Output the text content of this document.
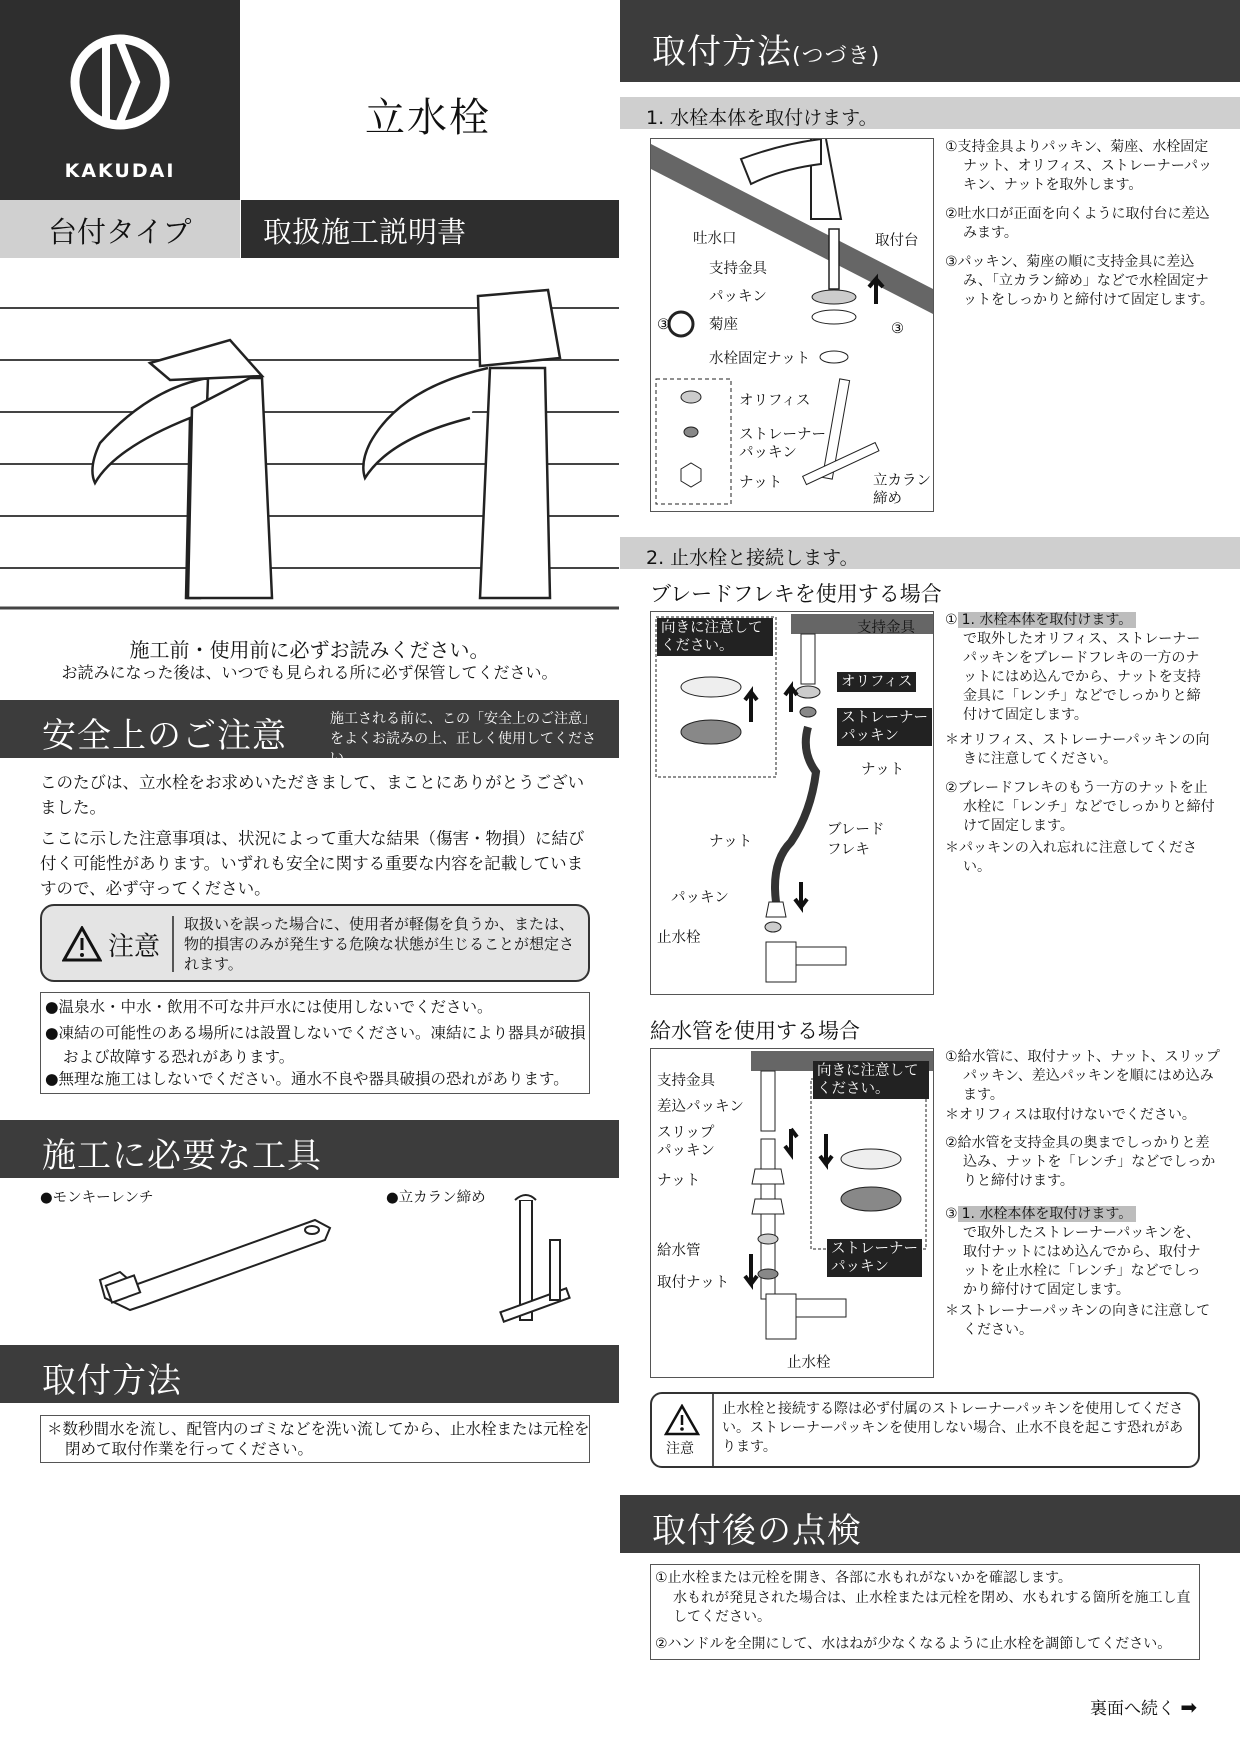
KAKUDAI
立水栓
台付タイプ 取扱施工説明書
施工前・使用前に必ずお読みください。
お読みになった後は、いつでも見られる所に必ず保管してください。
安全上のご注意	施工される前に、この「安全上のご注意」
をよくお読みの上、正しく使用してください。
このたびは、立水栓をお求めいただきまして、まことにありがとうございました。
ここに示した注意事項は、状況によって重大な結果（傷害・物損）に結び付く可能性があります。いずれも安全に関する重要な内容を記載していますので、必ず守ってください。
注意
取扱いを誤った場合に、使用者が軽傷を負うか、または、物的損害のみが発生する危険な状態が生じることが想定されます。
●温泉水・中水・飲用不可な井戸水には使用しないでください。
●凍結の可能性のある場所には設置しないでください。凍結により器具が破損および故障する恐れがあります。
●無理な施工はしないでください。通水不良や器具破損の恐れがあります。
施工に必要な工具
●モンキーレンチ	●立カラン締め
取付方法
＊数秒間水を流し、配管内のゴミなどを洗い流してから、止水栓または元栓を閉めて取付作業を行ってください。
取付方法(つづき)
1. 水栓本体を取付けます。
吐水口	取付台
支持金具
パッキン
菊座
③	③
水栓固定ナット
オリフィス
ストレーナー
パッキン
ナット	立カラン
締め
①支持金具よりパッキン、菊座、水栓固定ナット、オリフィス、ストレーナーパッキン、ナットを取外します。
②吐水口が正面を向くように取付台に差込みます。
③パッキン、菊座の順に支持金具に差込み、「立カラン締め」などで水栓固定ナットをしっかりと締付けて固定します。
2. 止水栓と接続します。
ブレードフレキを使用する場合
向きに注意してください。
支持金具
オリフィス
ストレーナー
パッキン
ナット
ナット
ブレード
フレキ
パッキン
止水栓
① 1. 水栓本体を取付けます。
で取外したオリフィス、ストレーナーパッキンをブレードフレキの一方のナットにはめ込んでから、ナットを支持金具に「レンチ」などでしっかりと締付けて固定します。
＊オリフィス、ストレーナーパッキンの向きに注意してください。
②ブレードフレキのもう一方のナットを止水栓に「レンチ」などでしっかりと締付けて固定します。
＊パッキンの入れ忘れに注意してください。
給水管を使用する場合
支持金具
差込パッキン
スリップ
パッキン
ナット
給水管
取付ナット
向きに注意してください。
ストレーナー
パッキン
止水栓
①給水管に、取付ナット、ナット、スリップパッキン、差込パッキンを順にはめ込みます。
＊オリフィスは取付けないでください。
②給水管を支持金具の奥までしっかりと差込み、ナットを「レンチ」などでしっかりと締付けます。
③ 1. 水栓本体を取付けます。
で取外したストレーナーパッキンを、取付ナットにはめ込んでから、取付ナットを止水栓に「レンチ」などでしっかり締付けて固定します。
＊ストレーナーパッキンの向きに注意してください。
注意
止水栓と接続する際は必ず付属のストレーナーパッキンを使用してください。ストレーナーパッキンを使用しない場合、止水不良を起こす恐れがあります。
取付後の点検
①止水栓または元栓を開き、各部に水もれがないかを確認します。
水もれが発見された場合は、止水栓または元栓を閉め、水もれする箇所を施工し直してください。
②ハンドルを全開にして、水はねが少なくなるように止水栓を調節してください。
裏面へ続く ➡
